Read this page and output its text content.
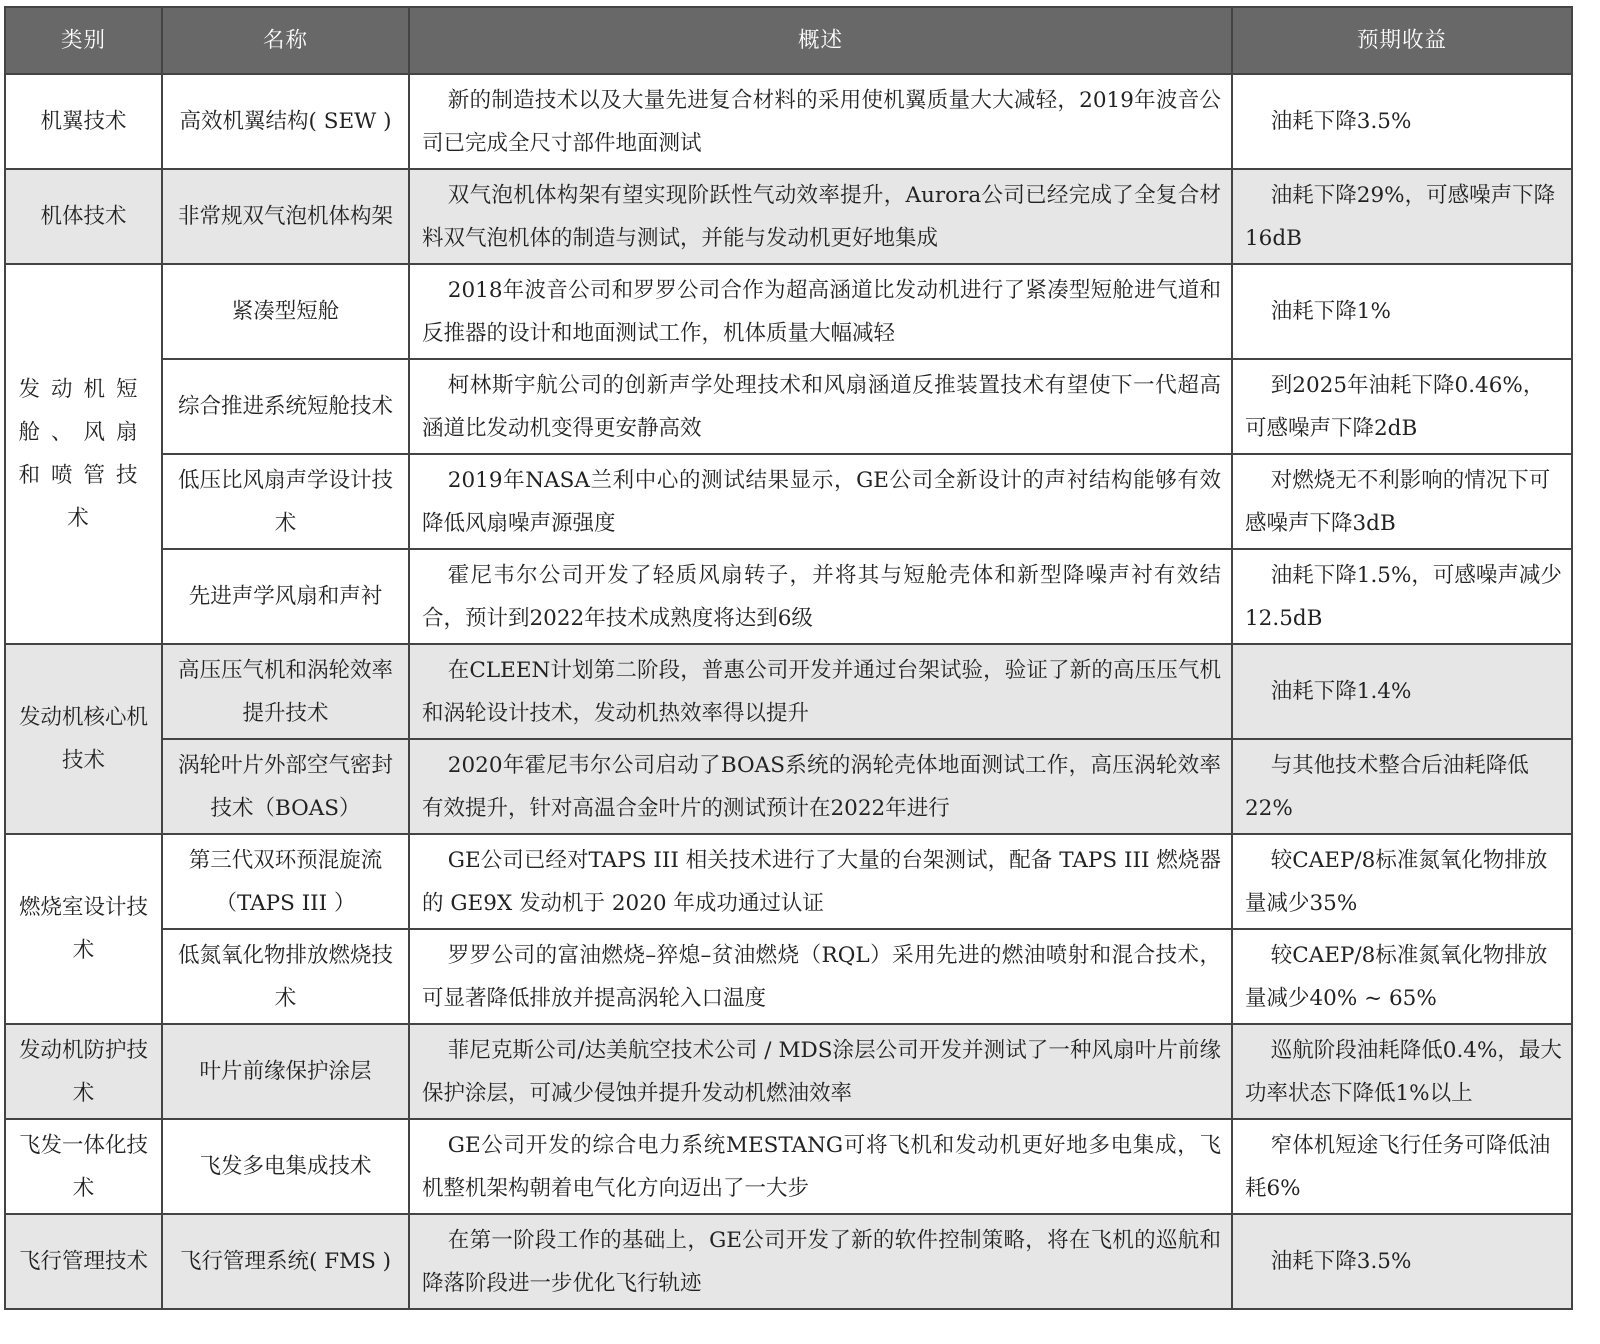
类别	名称	概述	预期收益
机翼技术	高效机翼结构( SEW )	新的制造技术以及大量先进复合材料的采用使机翼质量大大减轻，2019年波音公司已完成全尺寸部件地面测试	油耗下降3.5%
机体技术	非常规双气泡机体构架	双气泡机体构架有望实现阶跃性气动效率提升，Aurora公司已经完成了全复合材料双气泡机体的制造与测试，并能与发动机更好地集成	油耗下降29%，可感噪声下降16dB
发动机短舱、风扇和喷管技术	紧凑型短舱	2018年波音公司和罗罗公司合作为超高涵道比发动机进行了紧凑型短舱进气道和反推器的设计和地面测试工作，机体质量大幅减轻	油耗下降1%
	综合推进系统短舱技术	柯林斯宇航公司的创新声学处理技术和风扇涵道反推装置技术有望使下一代超高涵道比发动机变得更安静高效	到2025年油耗下降0.46%，可感噪声下降2dB
	低压比风扇声学设计技术	2019年NASA兰利中心的测试结果显示，GE公司全新设计的声衬结构能够有效降低风扇噪声源强度	对燃烧无不利影响的情况下可感噪声下降3dB
	先进声学风扇和声衬	霍尼韦尔公司开发了轻质风扇转子，并将其与短舱壳体和新型降噪声衬有效结合，预计到2022年技术成熟度将达到6级	油耗下降1.5%，可感噪声减少12.5dB
发动机核心机技术	高压压气机和涡轮效率提升技术	在CLEEN计划第二阶段，普惠公司开发并通过台架试验，验证了新的高压压气机和涡轮设计技术，发动机热效率得以提升	油耗下降1.4%
	涡轮叶片外部空气密封技术（BOAS）	2020年霍尼韦尔公司启动了BOAS系统的涡轮壳体地面测试工作，高压涡轮效率有效提升，针对高温合金叶片的测试预计在2022年进行	与其他技术整合后油耗降低22%
燃烧室设计技术	第三代双环预混旋流（TAPS III ）	GE公司已经对TAPS III 相关技术进行了大量的台架测试，配备 TAPS III 燃烧器的 GE9X 发动机于 2020 年成功通过认证	较CAEP/8标准氮氧化物排放量减少35%
	低氮氧化物排放燃烧技术	罗罗公司的富油燃烧–猝熄–贫油燃烧（RQL）采用先进的燃油喷射和混合技术，可显著降低排放并提高涡轮入口温度	较CAEP/8标准氮氧化物排放量减少40% ~ 65%
发动机防护技术	叶片前缘保护涂层	菲尼克斯公司/达美航空技术公司 / MDS涂层公司开发并测试了一种风扇叶片前缘保护涂层，可减少侵蚀并提升发动机燃油效率	巡航阶段油耗降低0.4%，最大功率状态下降低1%以上
飞发一体化技术	飞发多电集成技术	GE公司开发的综合电力系统MESTANG可将飞机和发动机更好地多电集成，飞机整机架构朝着电气化方向迈出了一大步	窄体机短途飞行任务可降低油耗6%
飞行管理技术	飞行管理系统( FMS )	在第一阶段工作的基础上，GE公司开发了新的软件控制策略，将在飞机的巡航和降落阶段进一步优化飞行轨迹	油耗下降3.5%
